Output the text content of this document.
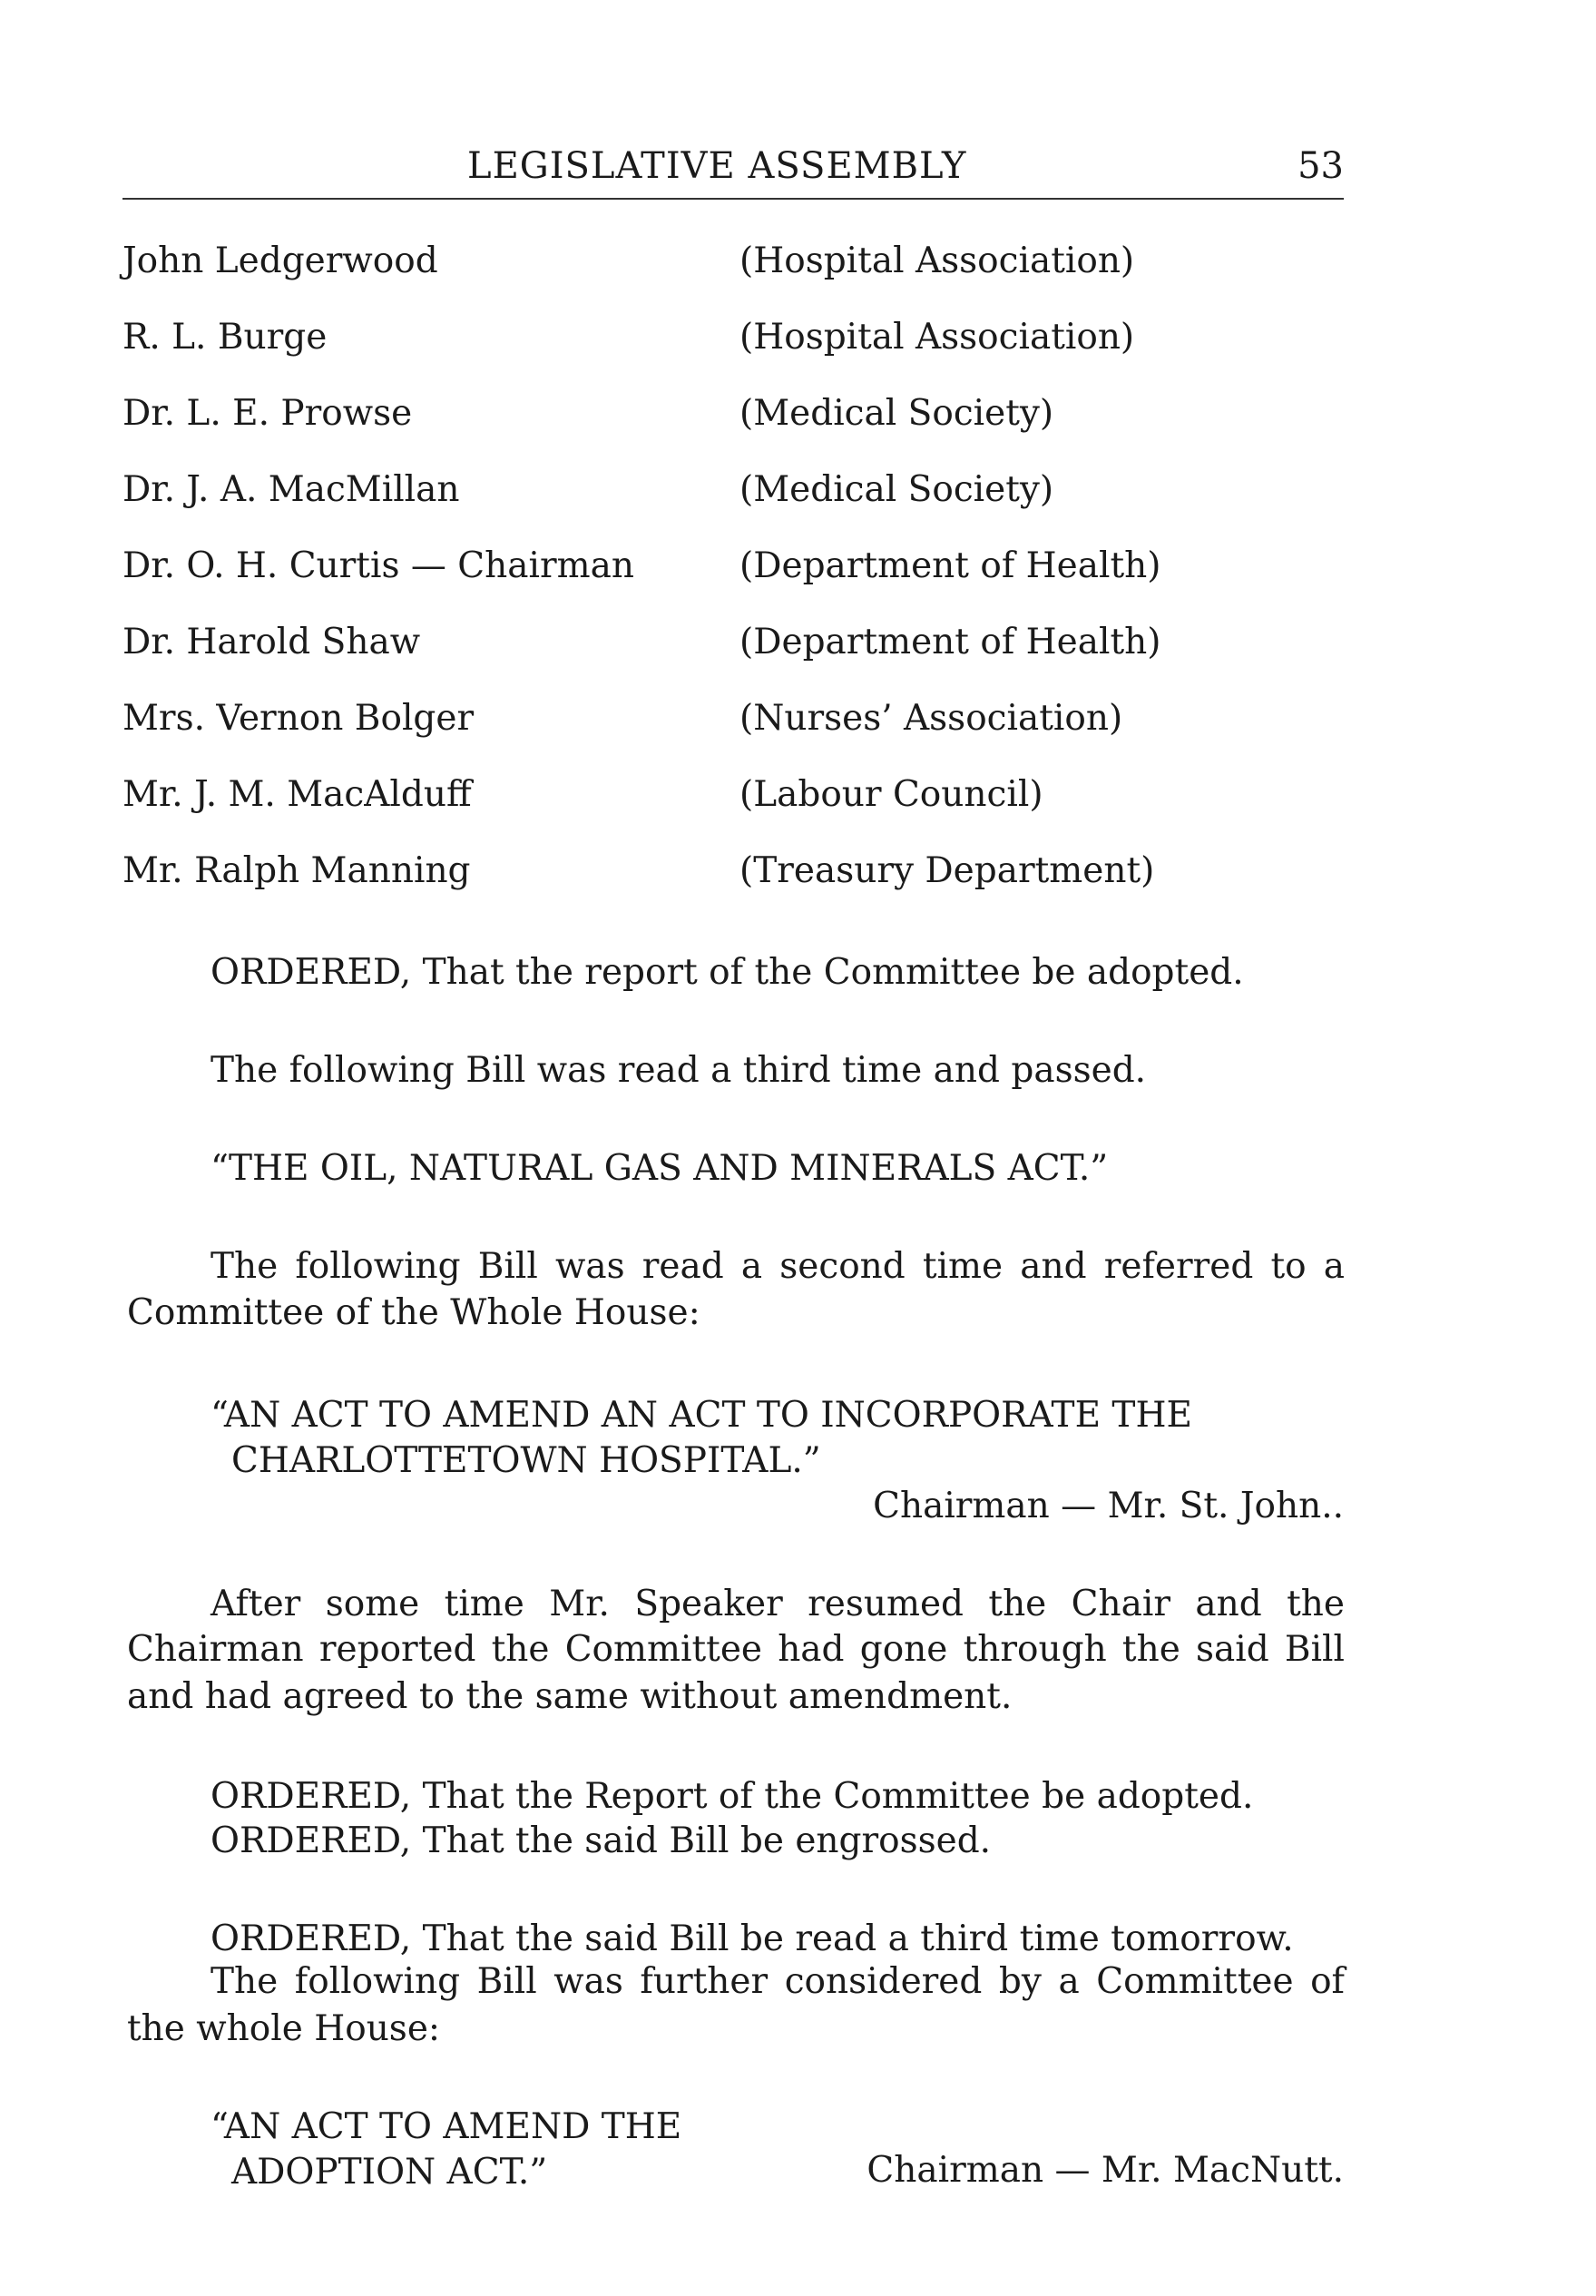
LEGISLATIVE ASSEMBLY	53
John Ledgerwood	(Hospital Association)
R. L. Burge	(Hospital Association)
Dr. L. E. Prowse	(Medical Society)
Dr. J. A. MacMillan	(Medical Society)
Dr. O. H. Curtis — Chairman	(Department of Health)
Dr. Harold Shaw	(Department of Health)
Mrs. Vernon Bolger	(Nurses’ Association)
Mr. J. M. MacAlduff	(Labour Council)
Mr. Ralph Manning	(Treasury Department)
ORDERED, That the report of the Committee be adopted.
The following Bill was read a third time and passed.
“THE OIL, NATURAL GAS AND MINERALS ACT.”
The following Bill was read a second time and referred to a
Committee of the Whole House:
“AN ACT TO AMEND AN ACT TO INCORPORATE THE
CHARLOTTETOWN HOSPITAL.”
Chairman — Mr. St. John..
After some time Mr. Speaker resumed the Chair and the
Chairman reported the Committee had gone through the said Bill
and had agreed to the same without amendment.
ORDERED, That the Report of the Committee be adopted.
ORDERED, That the said Bill be engrossed.
ORDERED, That the said Bill be read a third time tomorrow.
The following Bill was further considered by a Committee of
the whole House:
“AN ACT TO AMEND THE
ADOPTION ACT.”	Chairman — Mr. MacNutt.
